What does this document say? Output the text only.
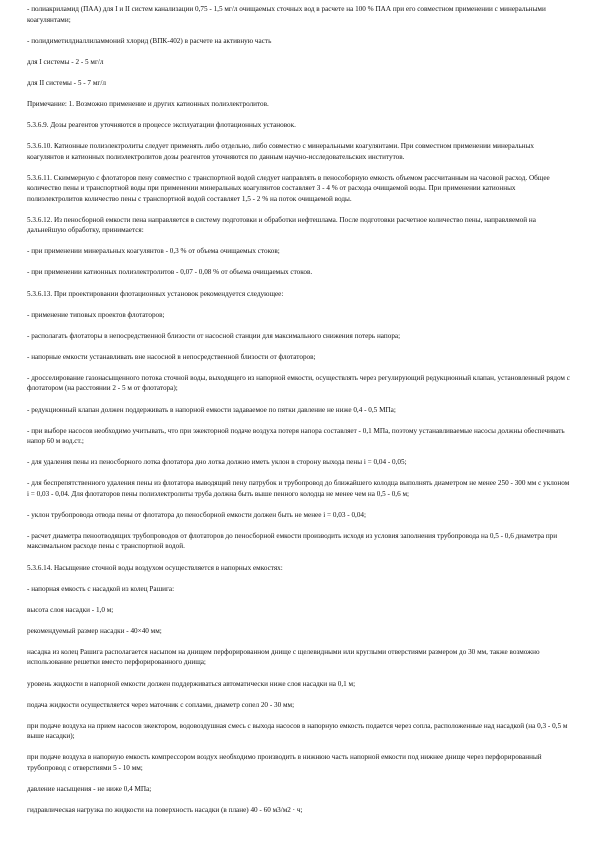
- полиакриламид (ПАА) для I и II систем канализации 0,75 - 1,5 мг/л очищаемых сточных вод в расчете на 100 % ПАА при его совместном применении с минеральными коагулянтами;

- полидиметилдиаллиламмоний хлорид (ВПК-402) в расчете на активную часть

для I системы - 2 - 5 мг/л

для II системы - 5 - 7 мг/л

Примечание: 1. Возможно применение и других катионных полиэлектролитов.

5.3.6.9. Дозы реагентов уточняются в процессе эксплуатации флотационных установок.

5.3.6.10. Катионные полиэлектролиты следует применять либо отдельно, либо совместно с минеральными коагулянтами. При совместном применении минеральных коагулянтов и катионных полиэлектролитов дозы реагентов уточняются по данным научно-исследовательских институтов.

5.3.6.11. Скиммерную с флотаторов пену совместно с транспортной водой следует направлять в пенособорную емкость объемом рассчитанным на часовой расход. Общее количество пены и транспортной воды при применении минеральных коагулянтов составляет 3 - 4 % от расхода очищаемой воды. При применении катионных полиэлектролитов количество пены с транспортной водой составляет 1,5 - 2 % на поток очищаемой воды.

5.3.6.12. Из пеносборной емкости пена направляется в систему подготовки и обработки нефтешлама. После подготовки расчетное количество пены, направляемой на дальнейшую обработку, принимается:

- при применении минеральных коагулянтов - 0,3 % от объема очищаемых стоков;

- при применении катионных полиэлектролитов - 0,07 - 0,08 % от объема очищаемых стоков.

5.3.6.13. При проектировании флотационных установок рекомендуется следующее:

- применение типовых проектов флотаторов;

- располагать флотаторы в непосредственной близости от насосной станции для максимального снижения потерь напора;

- напорные емкости устанавливать вне насосной в непосредственной близости от флотаторов;

- дросселирование газонасыщенного потока сточной воды, выходящего из напорной емкости, осуществлять через регулирующий редукционный клапан, установленный рядом с флотатором (на расстоянии 2 - 5 м от флотатора);

- редукционный клапан должен поддерживать в напорной емкости задаваемое по пятки давление не ниже 0,4 - 0,5 МПа;

- при выборе насосов необходимо учитывать, что при эжекторной подаче воздуха потеря напора составляет - 0,1 МПа, поэтому устанавливаемые насосы должны обеспечивать напор 60 м вод.ст.;

- для удаления пены из пеносборного лотка флотатора дно лотка должно иметь уклон в сторону выхода пены i = 0,04 - 0,05;

- для беспрепятственного удаления пены из флотатора выводящий пену патрубок и трубопровод до ближайшего колодца выполнять диаметром не менее 250 - 300 мм с уклоном i = 0,03 - 0,04. Для флотаторов пены полиэлектролиты труба должна быть выше пенного колодца не менее чем на 0,5 - 0,6 м;

- уклон трубопровода отвода пены от флотатора до пеносборной емкости должен быть не менее i = 0,03 - 0,04;

- расчет диаметра пеноотводящих трубопроводов от флотаторов до пеносборной емкости производить исходя из условия заполнения трубопровода на 0,5 - 0,6 диаметра при максимальном расходе пены с транспортной водой.

5.3.6.14. Насыщение сточной воды воздухом осуществляется в напорных емкостях:

- напорная емкость с насадкой из колец Рашига:

высота слоя насадки - 1,0 м;

рекомендуемый размер насадки - 40×40 мм;

насадка из колец Рашига располагается насыпом на днищем перфорированном днище с щелевидными или круглыми отверстиями размером до 30 мм, также возможно использование решетки вместо перфорированного днища;

уровень жидкости в напорной емкости должен поддерживаться автоматически ниже слоя насадки на 0,1 м;

подача жидкости осуществляется через маточник с соплами, диаметр сопел 20 - 30 мм;

при подаче воздуха на прием насосов эжектором, водовоздушная смесь с выхода насосов в напорную емкость подается через сопла, расположенные над насадкой (на 0,3 - 0,5 м выше насадки);

при подаче воздуха в напорную емкость компрессором воздух необходимо производить в нижнюю часть напорной емкости под нижнее днище через перфорированный трубопровод с отверстиями 5 - 10 мм;

давление насыщения - не ниже 0,4 МПа;

гидравлическая нагрузка по жидкости на поверхность насадки (в плане) 40 - 60 м3/м2 · ч;
